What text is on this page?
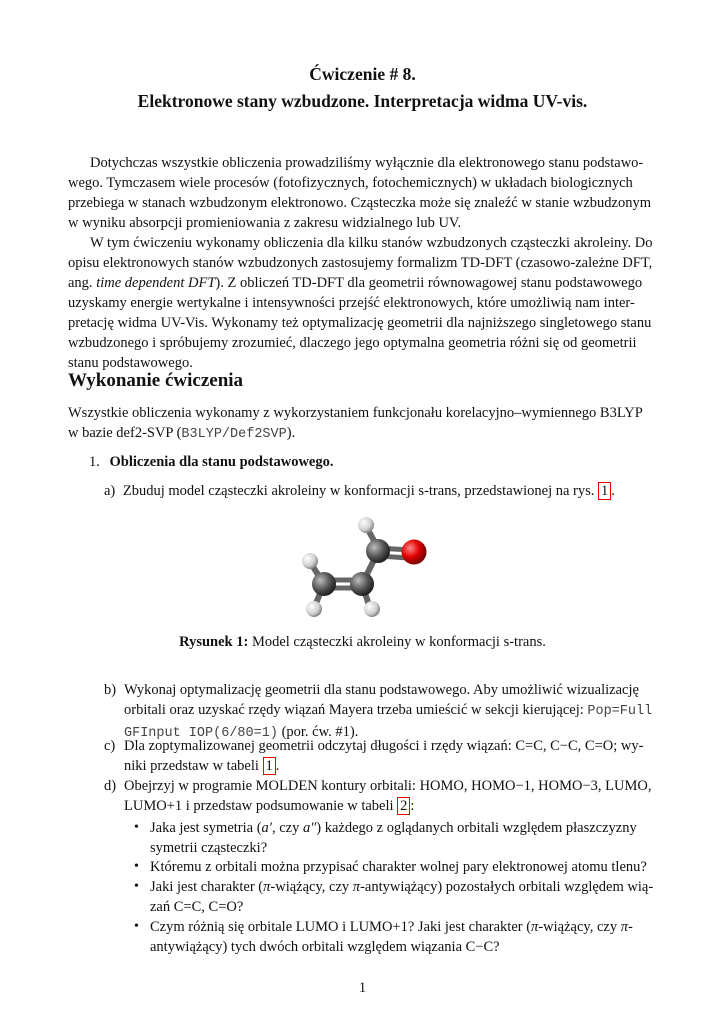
Ćwiczenie # 8.
Elektronowe stany wzbudzone. Interpretacja widma UV-vis.
Dotychczas wszystkie obliczenia prowadziliśmy wyłącznie dla elektronowego stanu podstawo-
wego. Tymczasem wiele procesów (fotofizycznych, fotochemicznych) w układach biologicznych
przebiega w stanach wzbudzonym elektronowo. Cząsteczka może się znaleźć w stanie wzbudzonym
w wyniku absorpcji promieniowania z zakresu widzialnego lub UV.
W tym ćwiczeniu wykonamy obliczenia dla kilku stanów wzbudzonych cząsteczki akroleiny. Do
opisu elektronowych stanów wzbudzonych zastosujemy formalizm TD-DFT (czasowo-zależne DFT,
ang. time dependent DFT). Z obliczeń TD-DFT dla geometrii równowagowej stanu podstawowego
uzyskamy energie wertykalne i intensywności przejść elektronowych, które umożliwią nam inter-
pretację widma UV-Vis. Wykonamy też optymalizację geometrii dla najniższego singletowego stanu
wzbudzonego i spróbujemy zrozumieć, dlaczego jego optymalna geometria różni się od geometrii
stanu podstawowego.
Wykonanie ćwiczenia
Wszystkie obliczenia wykonamy z wykorzystaniem funkcjonału korelacyjno–wymiennego B3LYP
w bazie def2-SVP (B3LYP/Def2SVP).
1. Obliczenia dla stanu podstawowego.
a) Zbuduj model cząsteczki akroleiny w konformacji s-trans, przedstawionej na rys. 1 .
Rysunek 1: Model cząsteczki akroleiny w konformacji s-trans.
b) Wykonaj optymalizację geometrii dla stanu podstawowego. Aby umożliwić wizualizację
orbitali oraz uzyskać rzędy wiązań Mayera trzeba umieścić w sekcji kierującej: Pop=Full
GFInput IOP(6/80=1) (por. ćw. #1).
c) Dla zoptymalizowanej geometrii odczytaj długości i rzędy wiązań: C=C, C−C, C=O; wy-
niki przedstaw w tabeli 1 .
d) Obejrzyj w programie MOLDEN kontury orbitali: HOMO, HOMO−1, HOMO−3, LUMO,
LUMO+1 i przedstaw podsumowanie w tabeli 2 :
• Jaka jest symetria (a′, czy a″) każdego z oglądanych orbitali względem płaszczyzny
symetrii cząsteczki?
• Któremu z orbitali można przypisać charakter wolnej pary elektronowej atomu tlenu?
• Jaki jest charakter (π-wiążący, czy π-antywiążący) pozostałych orbitali względem wią-
zań C=C, C=O?
• Czym różnią się orbitale LUMO i LUMO+1? Jaki jest charakter (π-wiążący, czy π-
antywiążący) tych dwóch orbitali względem wiązania C−C?
1
